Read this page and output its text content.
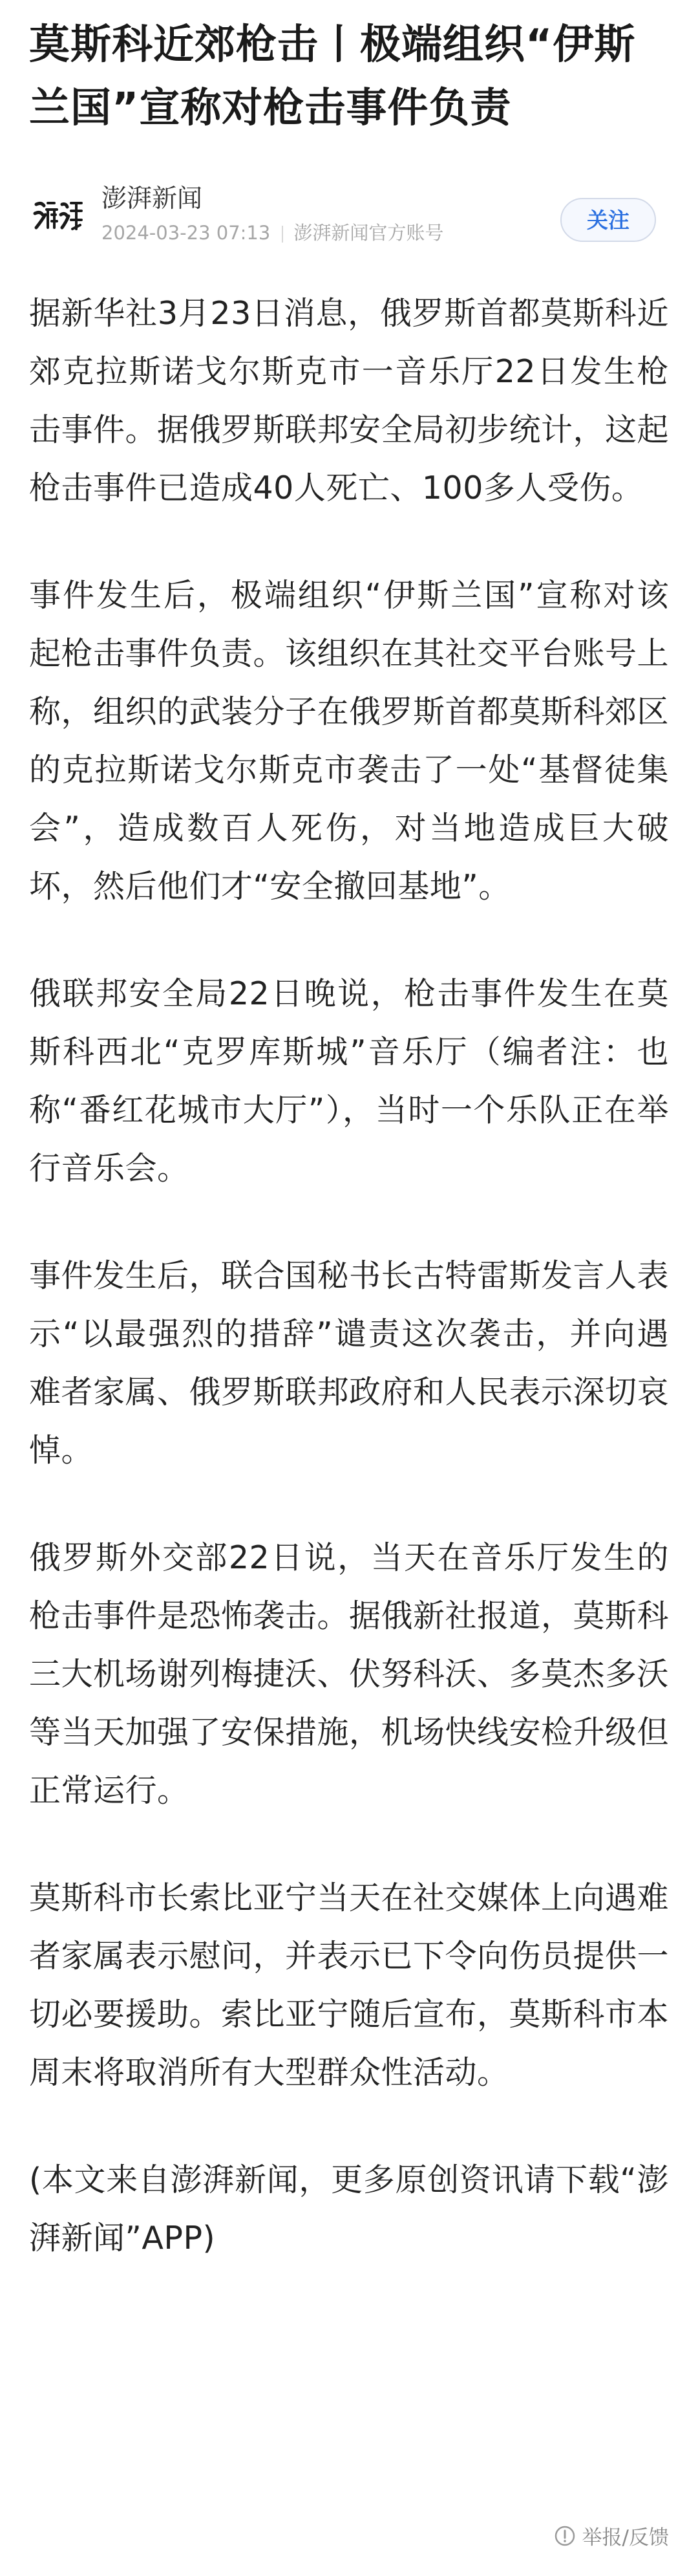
莫斯科近郊枪击丨极端组织“伊斯兰国”宣称对枪击事件负责
澎湃新闻
2024-03-23 07:13 澎湃新闻官方账号	关注

据新华社3月23日消息，俄罗斯首都莫斯科近郊克拉斯诺戈尔斯克市一音乐厅22日发生枪击事件。据俄罗斯联邦安全局初步统计，这起枪击事件已造成40人死亡、100多人受伤。

事件发生后，极端组织“伊斯兰国”宣称对该起枪击事件负责。该组织在其社交平台账号上称，组织的武装分子在俄罗斯首都莫斯科郊区的克拉斯诺戈尔斯克市袭击了一处“基督徒集会”，造成数百人死伤，对当地造成巨大破坏，然后他们才“安全撤回基地”。

俄联邦安全局22日晚说，枪击事件发生在莫斯科西北“克罗库斯城”音乐厅（编者注：也称“番红花城市大厅”），当时一个乐队正在举行音乐会。

事件发生后，联合国秘书长古特雷斯发言人表示“以最强烈的措辞”谴责这次袭击，并向遇难者家属、俄罗斯联邦政府和人民表示深切哀悼。

俄罗斯外交部22日说，当天在音乐厅发生的枪击事件是恐怖袭击。据俄新社报道，莫斯科三大机场谢列梅捷沃、伏努科沃、多莫杰多沃等当天加强了安保措施，机场快线安检升级但正常运行。

莫斯科市长索比亚宁当天在社交媒体上向遇难者家属表示慰问，并表示已下令向伤员提供一切必要援助。索比亚宁随后宣布，莫斯科市本周末将取消所有大型群众性活动。

(本文来自澎湃新闻，更多原创资讯请下载“澎湃新闻”APP)

举报/反馈
